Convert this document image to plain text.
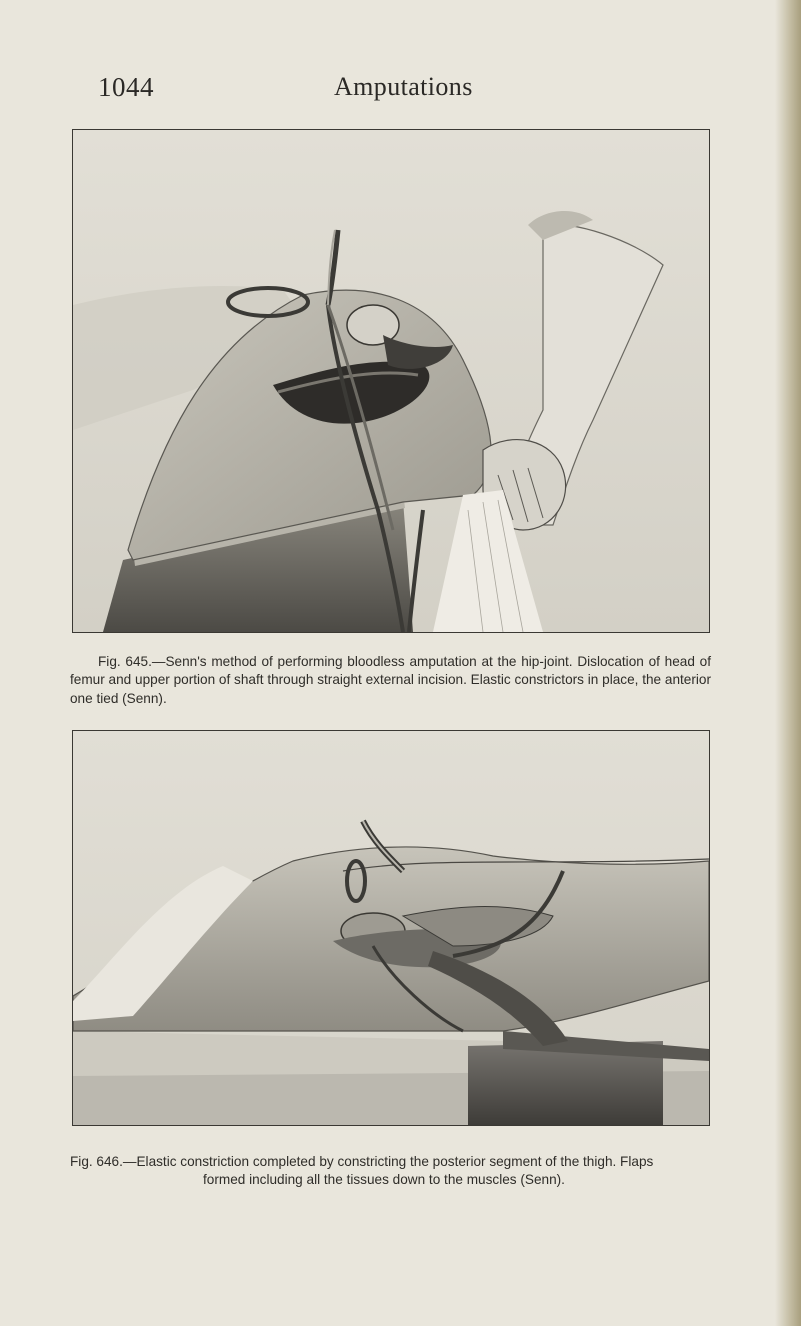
1044	Amputations

Fig. 645.—Senn's method of performing bloodless amputation at the hip-joint. Dislocation of head of femur and upper portion of shaft through straight external incision. Elastic constrictors in place, the anterior one tied (Senn).

Fig. 646.—Elastic constriction completed by constricting the posterior segment of the thigh. Flaps
formed including all the tissues down to the muscles (Senn).
